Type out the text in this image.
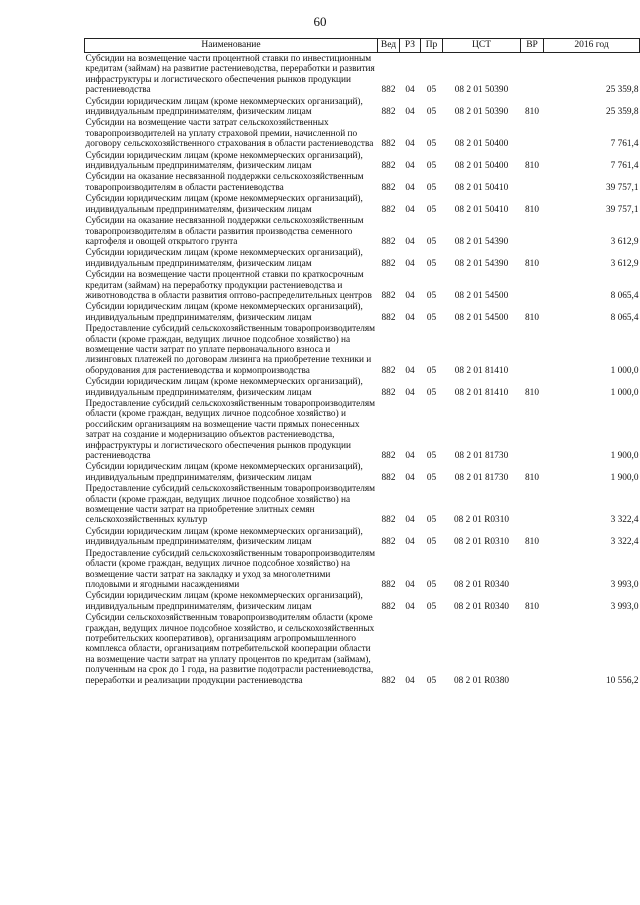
60
Наименование	Вед	РЗ	Пр	ЦСТ	ВР	2016 год
Субсидии на возмещение части процентной ставки по инвестиционным кредитам (займам) на развитие растениеводства, переработки и развития инфраструктуры и логистического обеспечения рынков продукции растениеводства	882	04	05	08 2 01 50390		25 359,8
Субсидии юридическим лицам (кроме некоммерческих организаций), индивидуальным предпринимателям, физическим лицам	882	04	05	08 2 01 50390	810	25 359,8
Субсидии на возмещение части затрат сельскохозяйственных товаропроизводителей на уплату страховой премии, начисленной по договору сельскохозяйственного страхования в области растениеводства	882	04	05	08 2 01 50400		7 761,4
Субсидии юридическим лицам (кроме некоммерческих организаций), индивидуальным предпринимателям, физическим лицам	882	04	05	08 2 01 50400	810	7 761,4
Субсидии на оказание несвязанной поддержки сельскохозяйственным товаропроизводителям в области растениеводства	882	04	05	08 2 01 50410		39 757,1
Субсидии юридическим лицам (кроме некоммерческих организаций), индивидуальным предпринимателям, физическим лицам	882	04	05	08 2 01 50410	810	39 757,1
Субсидии на оказание несвязанной поддержки сельскохозяйственным товаропроизводителям в области развития производства семенного картофеля и овощей открытого грунта	882	04	05	08 2 01 54390		3 612,9
Субсидии юридическим лицам (кроме некоммерческих организаций), индивидуальным предпринимателям, физическим лицам	882	04	05	08 2 01 54390	810	3 612,9
Субсидии на возмещение части процентной ставки по краткосрочным кредитам (займам) на переработку продукции растениеводства и животноводства в области развития оптово-распределительных центров	882	04	05	08 2 01 54500		8 065,4
Субсидии юридическим лицам (кроме некоммерческих организаций), индивидуальным предпринимателям, физическим лицам	882	04	05	08 2 01 54500	810	8 065,4
Предоставление субсидий сельскохозяйственным товаропроизводителям области (кроме граждан, ведущих личное подсобное хозяйство) на возмещение части затрат по уплате первоначального взноса и лизинговых платежей по договорам лизинга на приобретение техники и оборудования для растениеводства и кормопроизводства	882	04	05	08 2 01 81410		1 000,0
Субсидии юридическим лицам (кроме некоммерческих организаций), индивидуальным предпринимателям, физическим лицам	882	04	05	08 2 01 81410	810	1 000,0
Предоставление субсидий сельскохозяйственным товаропроизводителям области (кроме граждан, ведущих личное подсобное хозяйство) и российским организациям на возмещение части прямых понесенных затрат на создание и модернизацию объектов растениеводства, инфраструктуры и логистического обеспечения рынков продукции растениеводства	882	04	05	08 2 01 81730		1 900,0
Субсидии юридическим лицам (кроме некоммерческих организаций), индивидуальным предпринимателям, физическим лицам	882	04	05	08 2 01 81730	810	1 900,0
Предоставление субсидий сельскохозяйственным товаропроизводителям области (кроме граждан, ведущих личное подсобное хозяйство) на возмещение части затрат на приобретение элитных семян сельскохозяйственных культур	882	04	05	08 2 01 R0310		3 322,4
Субсидии юридическим лицам (кроме некоммерческих организаций), индивидуальным предпринимателям, физическим лицам	882	04	05	08 2 01 R0310	810	3 322,4
Предоставление субсидий сельскохозяйственным товаропроизводителям области (кроме граждан, ведущих личное подсобное хозяйство) на возмещение части затрат на закладку и уход за многолетними плодовыми и ягодными насаждениями	882	04	05	08 2 01 R0340		3 993,0
Субсидии юридическим лицам (кроме некоммерческих организаций), индивидуальным предпринимателям, физическим лицам	882	04	05	08 2 01 R0340	810	3 993,0
Субсидии сельскохозяйственным товаропроизводителям области (кроме граждан, ведущих личное подсобное хозяйство, и сельскохозяйственных потребительских кооперативов), организациям агропромышленного комплекса области, организациям потребительской кооперации области на возмещение части затрат на уплату процентов по кредитам (займам), полученным на срок до 1 года, на развитие подотрасли растениеводства, переработки и реализации продукции растениеводства	882	04	05	08 2 01 R0380		10 556,2
